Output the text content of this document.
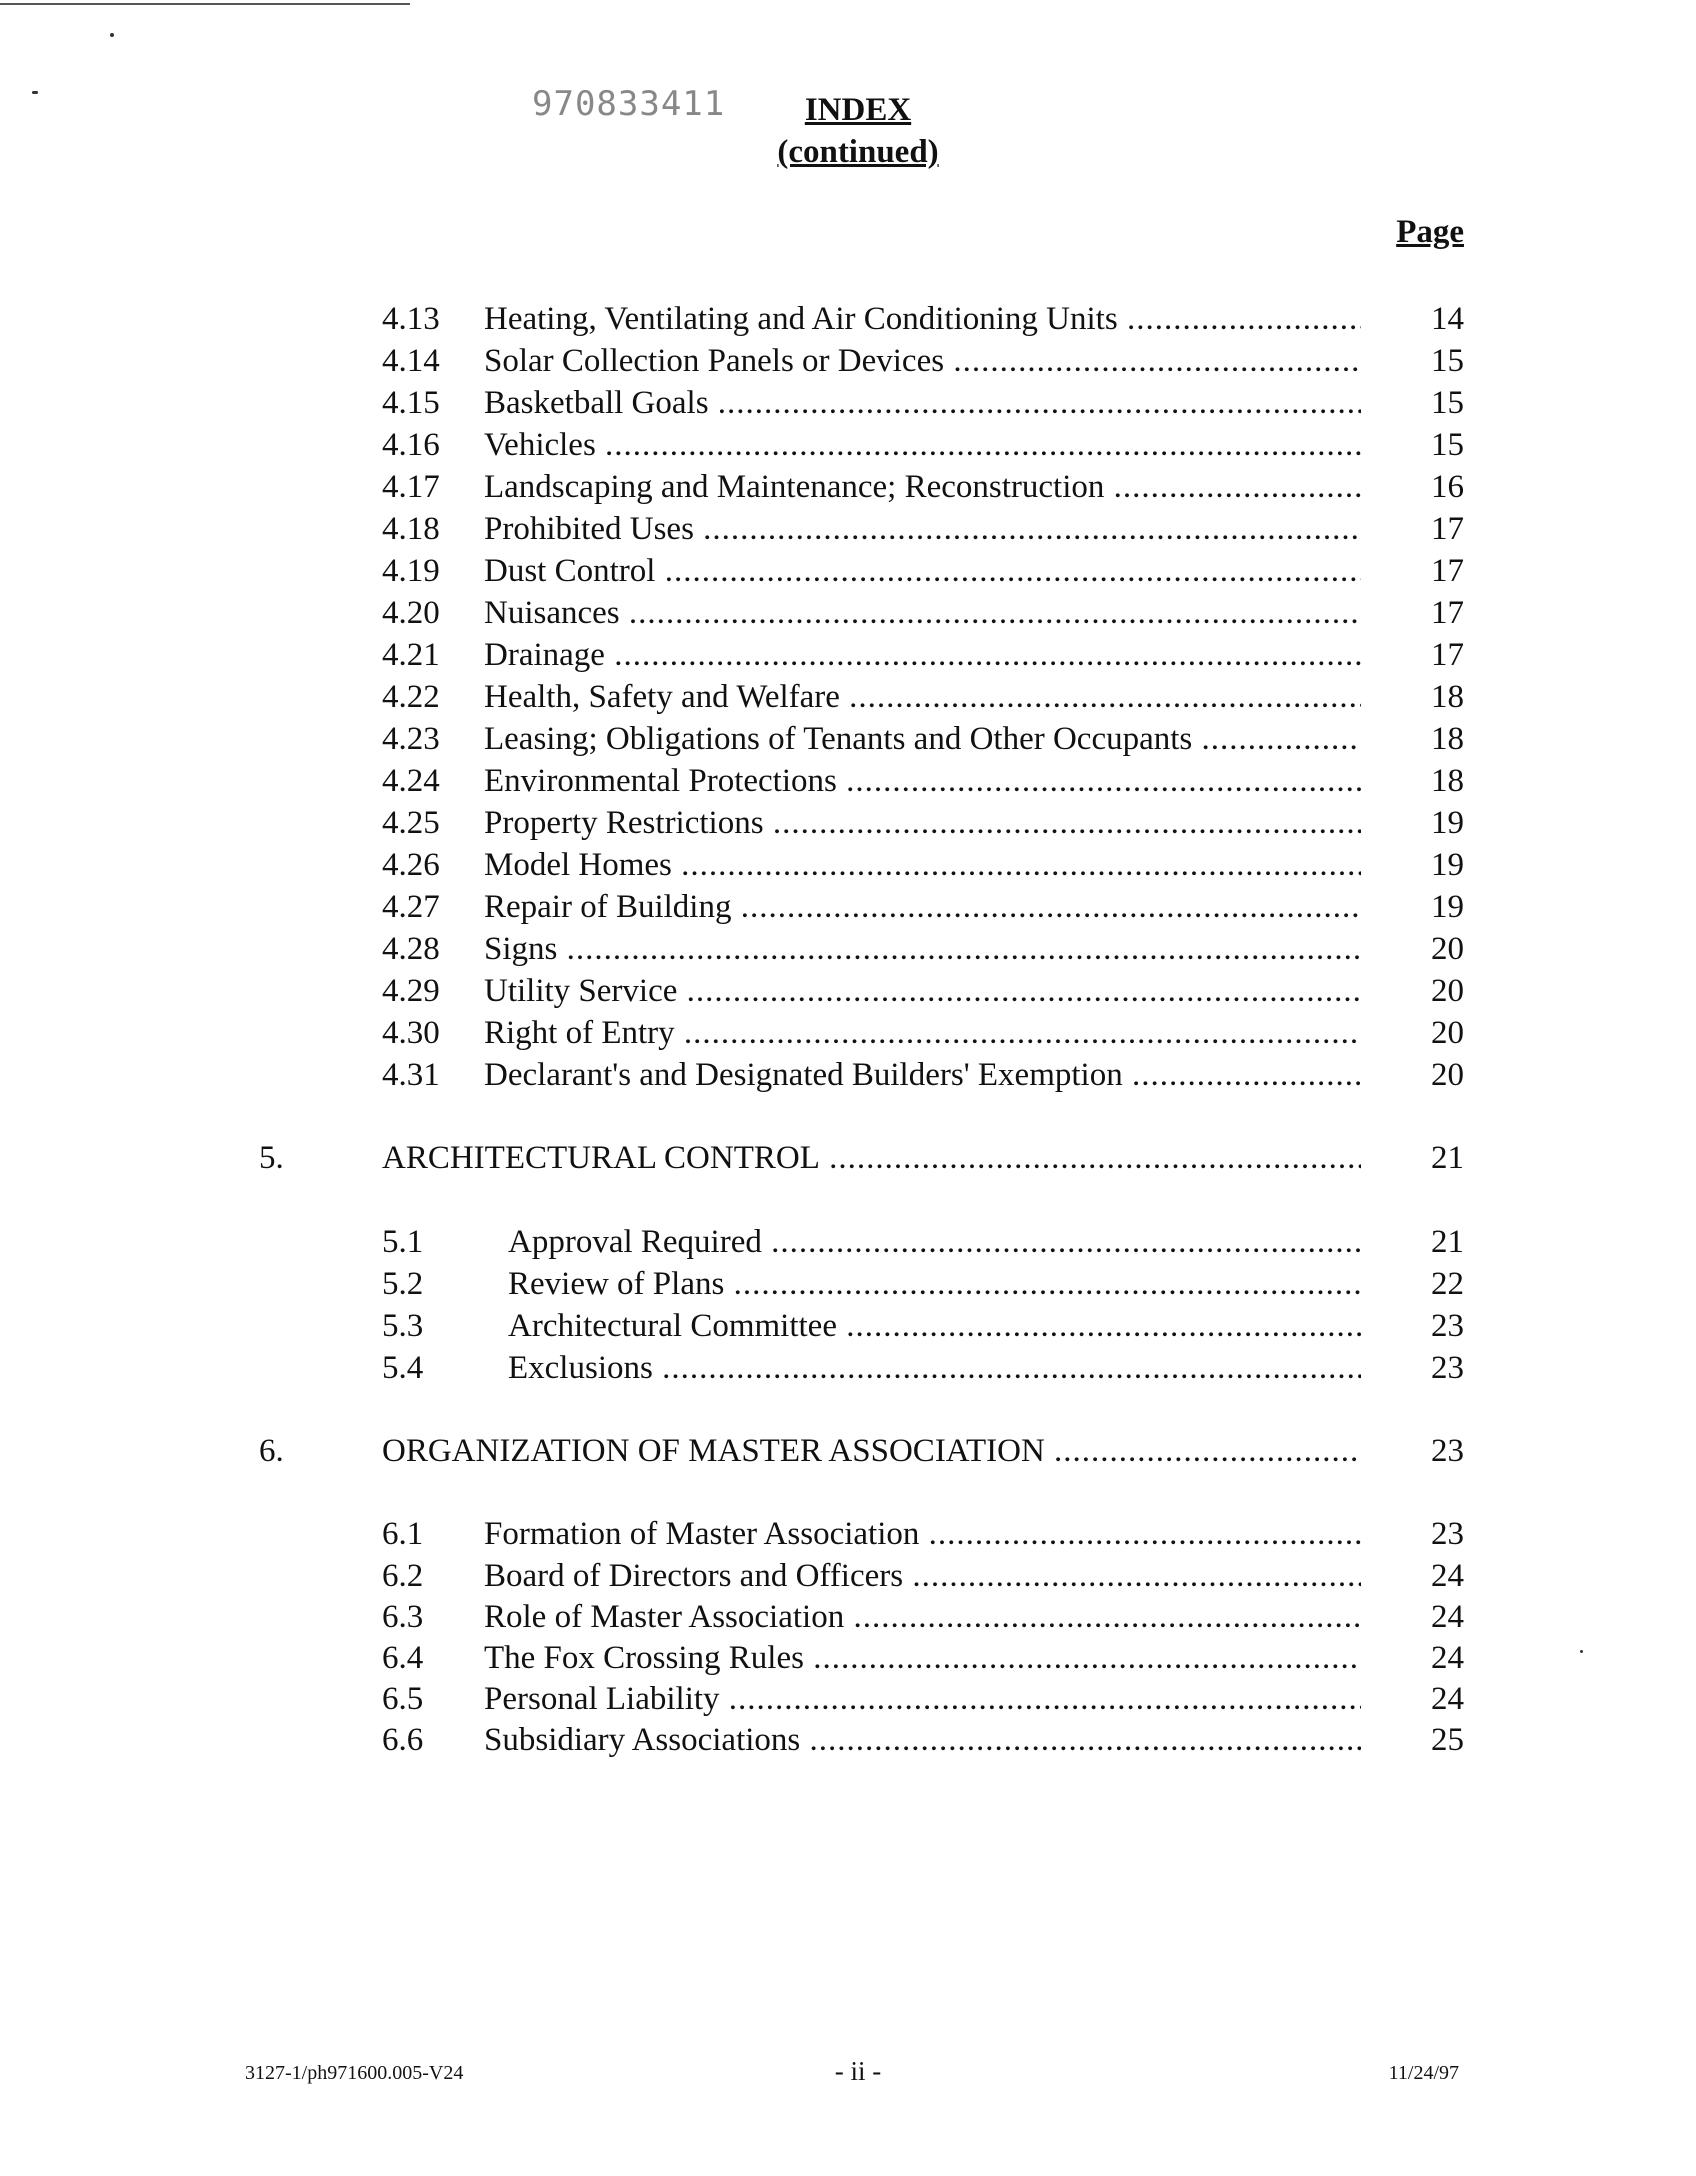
970833411	INDEX
(continued)
Page
4.13 Heating, Ventilating and Air Conditioning Units .....	14
4.14 Solar Collection Panels or Devices .....	15
4.15 Basketball Goals .....	15
4.16 Vehicles .....	15
4.17 Landscaping and Maintenance; Reconstruction .....	16
4.18 Prohibited Uses .....	17
4.19 Dust Control .....	17
4.20 Nuisances .....	17
4.21 Drainage .....	17
4.22 Health, Safety and Welfare .....	18
4.23 Leasing; Obligations of Tenants and Other Occupants .....	18
4.24 Environmental Protections .....	18
4.25 Property Restrictions .....	19
4.26 Model Homes .....	19
4.27 Repair of Building .....	19
4.28 Signs .....	20
4.29 Utility Service .....	20
4.30 Right of Entry .....	20
4.31 Declarant's and Designated Builders' Exemption .....	20
5.	ARCHITECTURAL CONTROL .....	21
5.1	Approval Required .....	21
5.2	Review of Plans .....	22
5.3	Architectural Committee .....	23
5.4	Exclusions .....	23
6.	ORGANIZATION OF MASTER ASSOCIATION .....	23
6.1 Formation of Master Association .....	23
6.2 Board of Directors and Officers .....	24
6.3 Role of Master Association .....	24
6.4 The Fox Crossing Rules .....	24
6.5 Personal Liability .....	24
6.6 Subsidiary Associations .....	25
3127-1/ph971600.005-V24	- ii -	11/24/97
